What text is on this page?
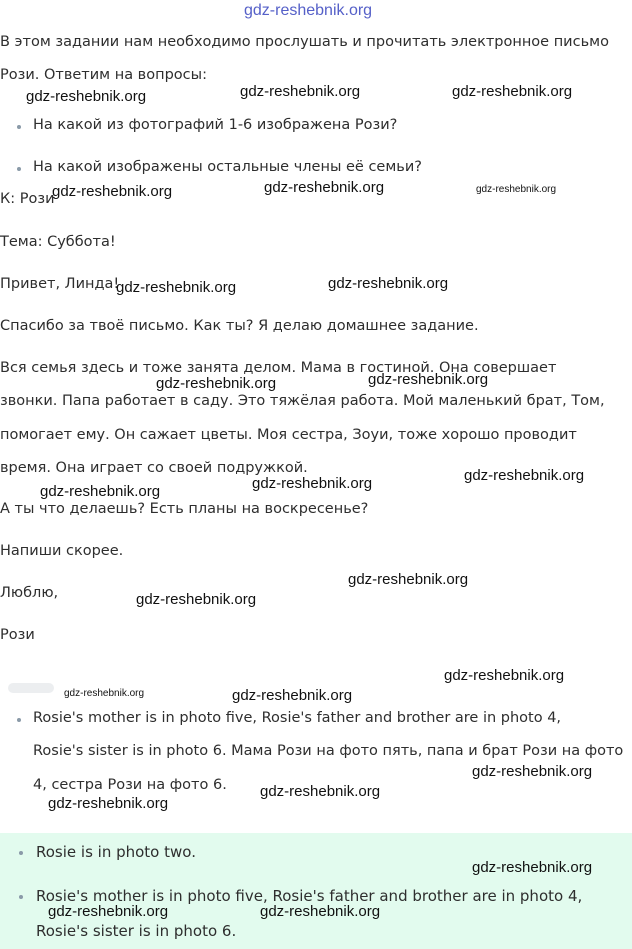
gdz-reshebnik.org
В этом задании нам необходимо прослушать и прочитать электронное письмо
Рози. Ответим на вопросы:
На какой из фотографий 1-6 изображена Рози?
На какой изображены остальные члены её семьи?
К: Рози
Тема: Суббота!
Привет, Линда!
Спасибо за твоё письмо. Как ты? Я делаю домашнее задание.
Вся семья здесь и тоже занята делом. Мама в гостиной. Она совершает
звонки. Папа работает в саду. Это тяжёлая работа. Мой маленький брат, Том,
помогает ему. Он сажает цветы. Моя сестра, Зоуи, тоже хорошо проводит
время. Она играет со своей подружкой.
А ты что делаешь? Есть планы на воскресенье?
Напиши скорее.
Люблю,
Рози
Rosie's mother is in photo five, Rosie's father and brother are in photo 4,
Rosie's sister is in photo 6. Мама Рози на фото пять, папа и брат Рози на фото
4, сестра Рози на фото 6.
Rosie is in photo two.
Rosie's mother is in photo five, Rosie's father and brother are in photo 4,
Rosie's sister is in photo 6.
gdz-reshebnik.org	gdz-reshebnik.org	gdz-reshebnik.org
gdz-reshebnik.org	gdz-reshebnik.org	gdz-reshebnik.org
gdz-reshebnik.org	gdz-reshebnik.org
gdz-reshebnik.org	gdz-reshebnik.org
gdz-reshebnik.org	gdz-reshebnik.org	gdz-reshebnik.org
gdz-reshebnik.org
gdz-reshebnik.org
gdz-reshebnik.org
gdz-reshebnik.org	gdz-reshebnik.org
gdz-reshebnik.org
gdz-reshebnik.org
gdz-reshebnik.org
gdz-reshebnik.org
gdz-reshebnik.org	gdz-reshebnik.org
